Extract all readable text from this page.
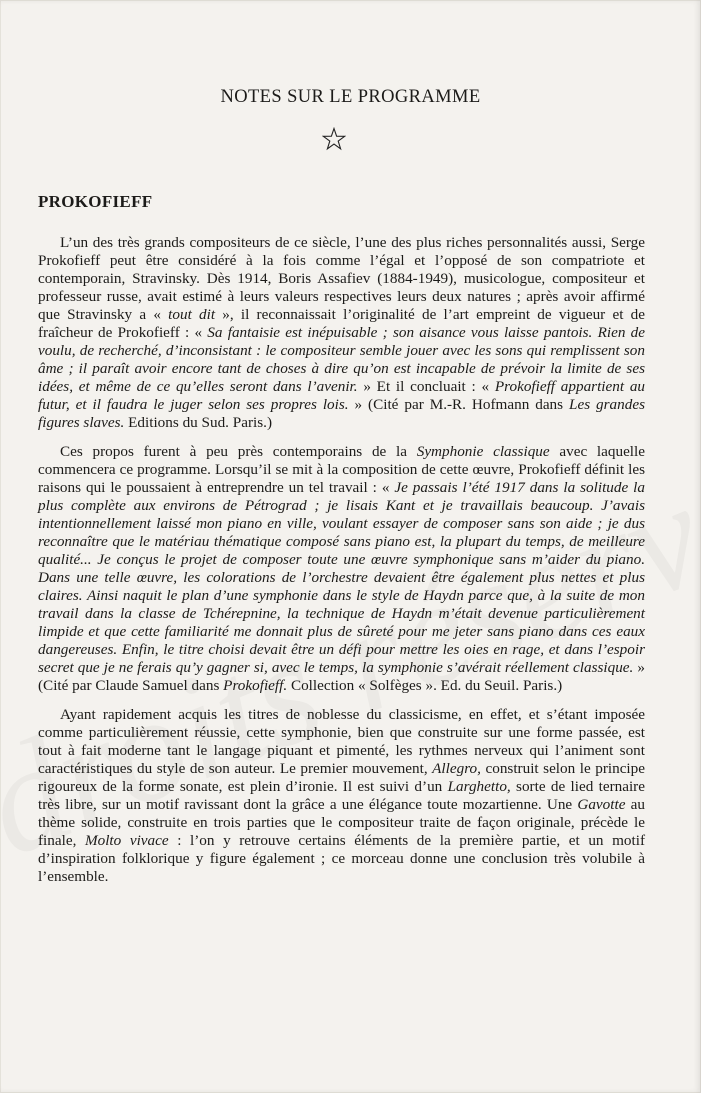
NOTES SUR LE PROGRAMME
PROKOFIEFF

L’un des très grands compositeurs de ce siècle, l’une des plus riches personnalités aussi, Serge Prokofieff peut être considéré à la fois comme l’égal et l’opposé de son compatriote et contemporain, Stravinsky. Dès 1914, Boris Assafiev (1884-1949), musicologue, compositeur et professeur russe, avait estimé à leurs valeurs respectives leurs deux natures ; après avoir affirmé que Stravinsky a « tout dit », il reconnaissait l’originalité de l’art empreint de vigueur et de fraîcheur de Prokofieff : « Sa fantaisie est inépuisable ; son aisance vous laisse pantois. Rien de voulu, de recherché, d’inconsistant : le compositeur semble jouer avec les sons qui remplissent son âme ; il paraît avoir encore tant de choses à dire qu’on est incapable de prévoir la limite de ses idées, et même de ce qu’elles seront dans l’avenir. » Et il concluait : « Prokofieff appartient au futur, et il faudra le juger selon ses propres lois. » (Cité par M.-R. Hofmann dans Les grandes figures slaves. Editions du Sud. Paris.)

Ces propos furent à peu près contemporains de la Symphonie classique avec laquelle commencera ce programme. Lorsqu’il se mit à la composition de cette œuvre, Prokofieff définit les raisons qui le poussaient à entreprendre un tel travail : « Je passais l’été 1917 dans la solitude la plus complète aux environs de Pétrograd ; je lisais Kant et je travaillais beaucoup. J’avais intentionnellement laissé mon piano en ville, voulant essayer de composer sans son aide ; je dus reconnaître que le matériau thématique composé sans piano est, la plupart du temps, de meilleure qualité... Je conçus le projet de composer toute une œuvre symphonique sans m’aider du piano. Dans une telle œuvre, les colorations de l’orchestre devaient être également plus nettes et plus claires. Ainsi naquit le plan d’une symphonie dans le style de Haydn parce que, à la suite de mon travail dans la classe de Tchérepnine, la technique de Haydn m’était devenue particulièrement limpide et que cette familiarité me donnait plus de sûreté pour me jeter sans piano dans ces eaux dangereuses. Enfin, le titre choisi devait être un défi pour mettre les oies en rage, et dans l’espoir secret que je ne ferais qu’y gagner si, avec le temps, la symphonie s’avérait réellement classique. » (Cité par Claude Samuel dans Prokofieff. Collection « Solfèges ». Ed. du Seuil. Paris.)

Ayant rapidement acquis les titres de noblesse du classicisme, en effet, et s’étant imposée comme particulièrement réussie, cette symphonie, bien que construite sur une forme passée, est tout à fait moderne tant le langage piquant et pimenté, les rythmes nerveux qui l’animent sont caractéristiques du style de son auteur. Le premier mouvement, Allegro, construit selon le principe rigoureux de la forme sonate, est plein d’ironie. Il est suivi d’un Larghetto, sorte de lied ternaire très libre, sur un motif ravissant dont la grâce a une élégance toute mozartienne. Une Gavotte au thème solide, construite en trois parties que le compositeur traite de façon originale, précède le finale, Molto vivace : l’on y retrouve certains éléments de la première partie, et un motif d’inspiration folklorique y figure également ; ce morceau donne une conclusion très volubile à l’ensemble.
